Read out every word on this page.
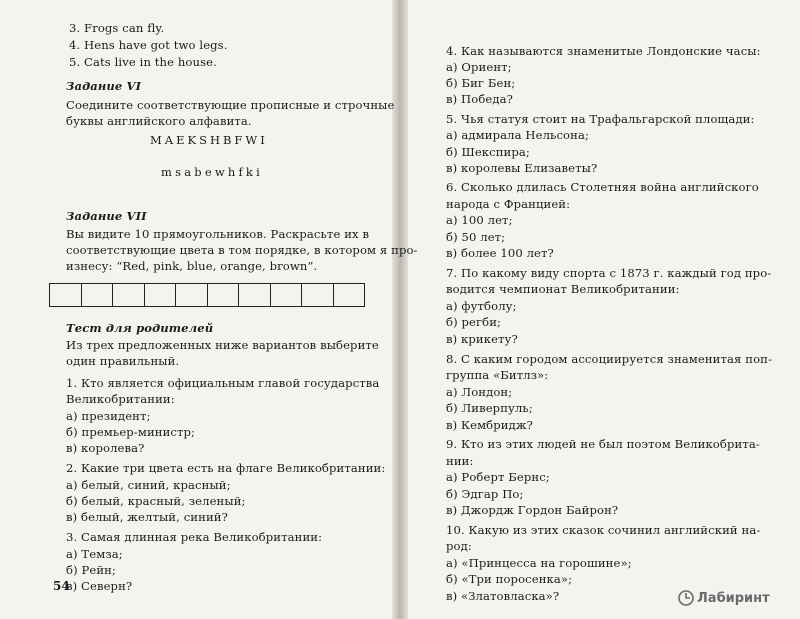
3. Frogs can fly.
4. Hens have got two legs.
5. Cats live in the house.
Задание VI
Соедините соответствующие прописные и строчные
буквы английского алфавита.
MAEKSHBFWI
msabewhfki
Задание VII
Вы видите 10 прямоугольников. Раскрасьте их в
соответствующие цвета в том порядке, в котором я про-
изнесу: “Red, pink, blue, orange, brown”.
Тест для родителей
Из трех предложенных ниже вариантов выберите
один правильный.
1. Кто является официальным главой государства
Великобритании:
а) президент;
б) премьер-министр;
в) королева?
2. Какие три цвета есть на флаге Великобритании:
а) белый, синий, красный;
б) белый, красный, зеленый;
в) белый, желтый, синий?
3. Самая длинная река Великобритании:
а) Темза;
б) Рейн;
в) Северн?
54
4. Как называются знаменитые Лондонские часы:
а) Ориент;
б) Биг Бен;
в) Победа?
5. Чья статуя стоит на Трафальгарской площади:
а) адмирала Нельсона;
б) Шекспира;
в) королевы Елизаветы?
6. Сколько длилась Столетняя война английского
народа с Францией:
а) 100 лет;
б) 50 лет;
в) более 100 лет?
7. По какому виду спорта с 1873 г. каждый год про-
водится чемпионат Великобритании:
а) футболу;
б) регби;
в) крикету?
8. С каким городом ассоциируется знаменитая поп-
группа «Битлз»:
а) Лондон;
б) Ливерпуль;
в) Кембридж?
9. Кто из этих людей не был поэтом Великобрита-
нии:
а) Роберт Бернс;
б) Эдгар По;
в) Джордж Гордон Байрон?
10. Какую из этих сказок сочинил английский на-
род:
а) «Принцесса на горошине»;
б) «Три поросенка»;
в) «Златовласка»?	Лабиринт
